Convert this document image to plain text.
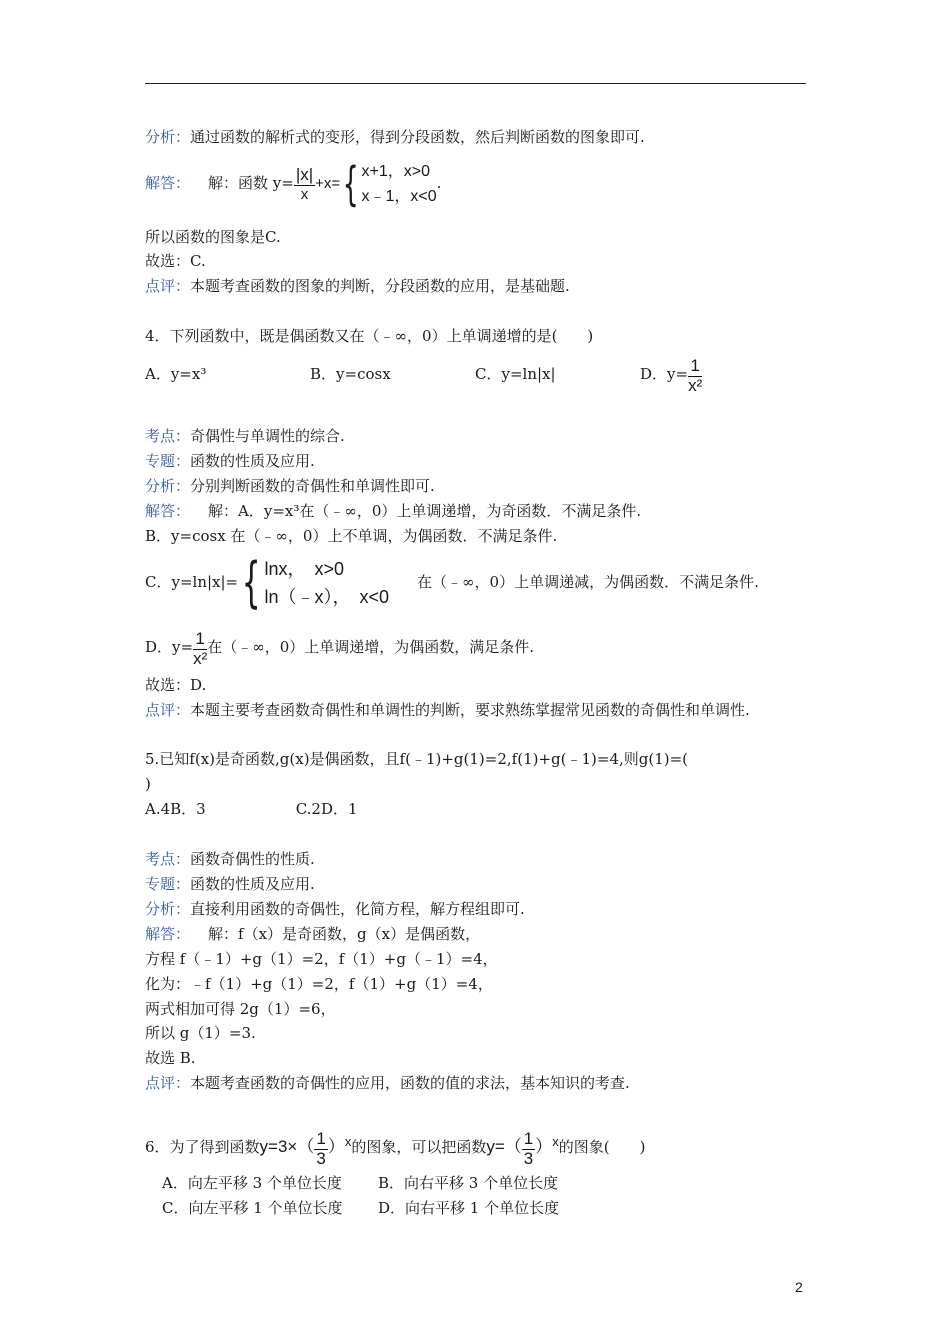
分析：通过函数的解析式的变形，得到分段函数，然后判断函数的图象即可.
解答： 解：函数 $y= \frac{|x|}{x} +x=${ x+1，x>0
x﹣1，x<0
.
所以函数的图象是C.
故选：C.
点评：本题考查函数的图象的判断，分段函数的应用，是基础题.
4．下列函数中，既是偶函数又在（﹣∞，0）上单调递增的是(　　)
A．y=x³	B．y=cosx	C．y=ln|x|	D．$y= \frac{1}{\text{x²}}$
考点：奇偶性与单调性的综合.
专题：函数的性质及应用.
分析：分别判断函数的奇偶性和单调性即可.
解答： 解：A．y=x³在（﹣∞，0）上单调递增，为奇函数．不满足条件.
B．y=cosx 在（﹣∞，0）上不单调，为偶函数．不满足条件.
C．y=ln|x|={ lnx，　x>0
ln（﹣x），　x<0
在（﹣∞，0）上单调递减，为偶函数．不满足条件.
D．$y= \frac{1}{\text{x²}}$ 在（﹣∞，0）上单调递增，为偶函数，满足条件.
故选：D.
点评：本题主要考查函数奇偶性和单调性的判断，要求熟练掌握常见函数的奇偶性和单调性.
5.已知f(x)是奇函数,g(x)是偶函数，且f(﹣1)+g(1)=2,f(1)+g(﹣1)=4,则g(1)=(
)
A.4B．3　　　　　　C.2D．1
考点：函数奇偶性的性质.
专题：函数的性质及应用.
分析：直接利用函数的奇偶性，化简方程，解方程组即可.
解答： 解：f（x）是奇函数，g（x）是偶函数，
方程 f（﹣1）+g（1）=2，f（1）+g（﹣1）=4，
化为：﹣f（1）+g（1）=2，f（1）+g（1）=4，
两式相加可得 2g（1）=6，
所以 g（1）=3.
故选 B.
点评：本题考查函数的奇偶性的应用，函数的值的求法，基本知识的考查.
6．为了得到函数$y=3\times( \frac{1}{3} )^x$的图象，可以把函数$y=( \frac{1}{3} )^x$的图象(　　)
A．向左平移 3 个单位长度 B．向右平移 3 个单位长度
C．向左平移 1 个单位长度 D．向右平移 1 个单位长度
2
